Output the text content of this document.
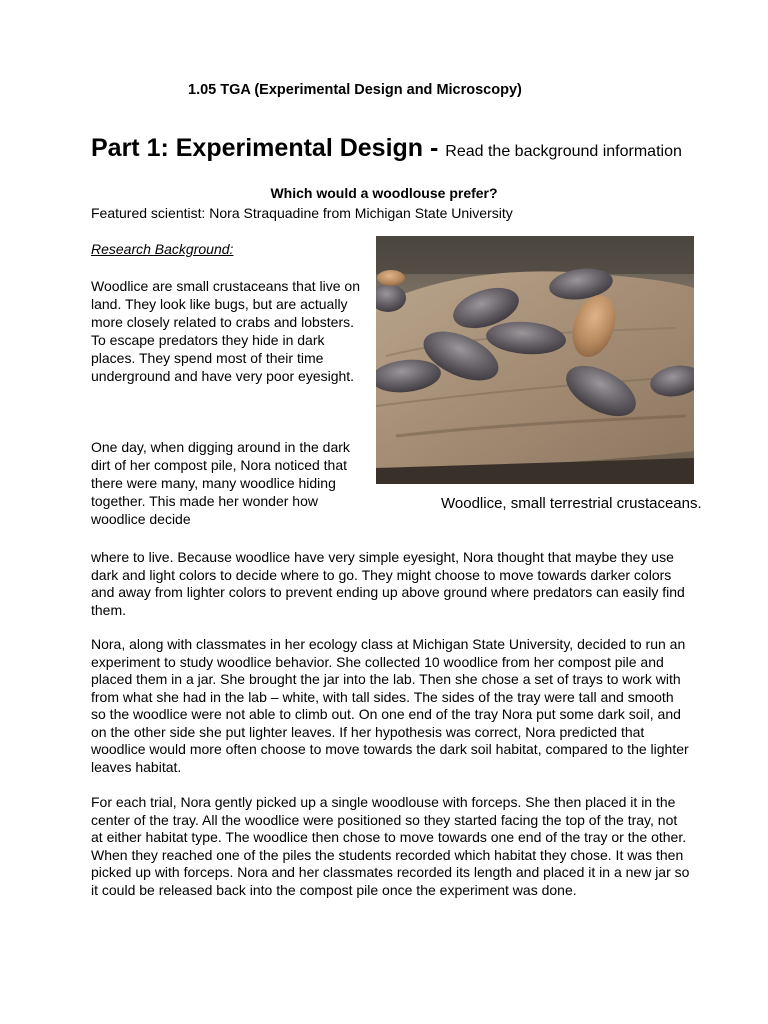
1.05 TGA (Experimental Design and Microscopy)
Part 1: Experimental Design - Read the background information
Which would a woodlouse prefer?
Featured scientist: Nora Straquadine from Michigan State University
Research Background:

Woodlice are small crustaceans that live on land. They look like bugs, but are actually more closely related to crabs and lobsters. To escape predators they hide in dark places. They spend most of their time underground and have very poor eyesight.

One day, when digging around in the dark dirt of her compost pile, Nora noticed that there were many, many woodlice hiding together. This made her wonder how woodlice decide

Woodlice, small terrestrial crustaceans.

where to live. Because woodlice have very simple eyesight, Nora thought that maybe they use dark and light colors to decide where to go. They might choose to move towards darker colors and away from lighter colors to prevent ending up above ground where predators can easily find them.

Nora, along with classmates in her ecology class at Michigan State University, decided to run an experiment to study woodlice behavior. She collected 10 woodlice from her compost pile and placed them in a jar. She brought the jar into the lab. Then she chose a set of trays to work with from what she had in the lab – white, with tall sides. The sides of the tray were tall and smooth so the woodlice were not able to climb out. On one end of the tray Nora put some dark soil, and on the other side she put lighter leaves. If her hypothesis was correct, Nora predicted that woodlice would more often choose to move towards the dark soil habitat, compared to the lighter leaves habitat.

For each trial, Nora gently picked up a single woodlouse with forceps. She then placed it in the center of the tray. All the woodlice were positioned so they started facing the top of the tray, not at either habitat type. The woodlice then chose to move towards one end of the tray or the other. When they reached one of the piles the students recorded which habitat they chose. It was then picked up with forceps. Nora and her classmates recorded its length and placed it in a new jar so it could be released back into the compost pile once the experiment was done.
